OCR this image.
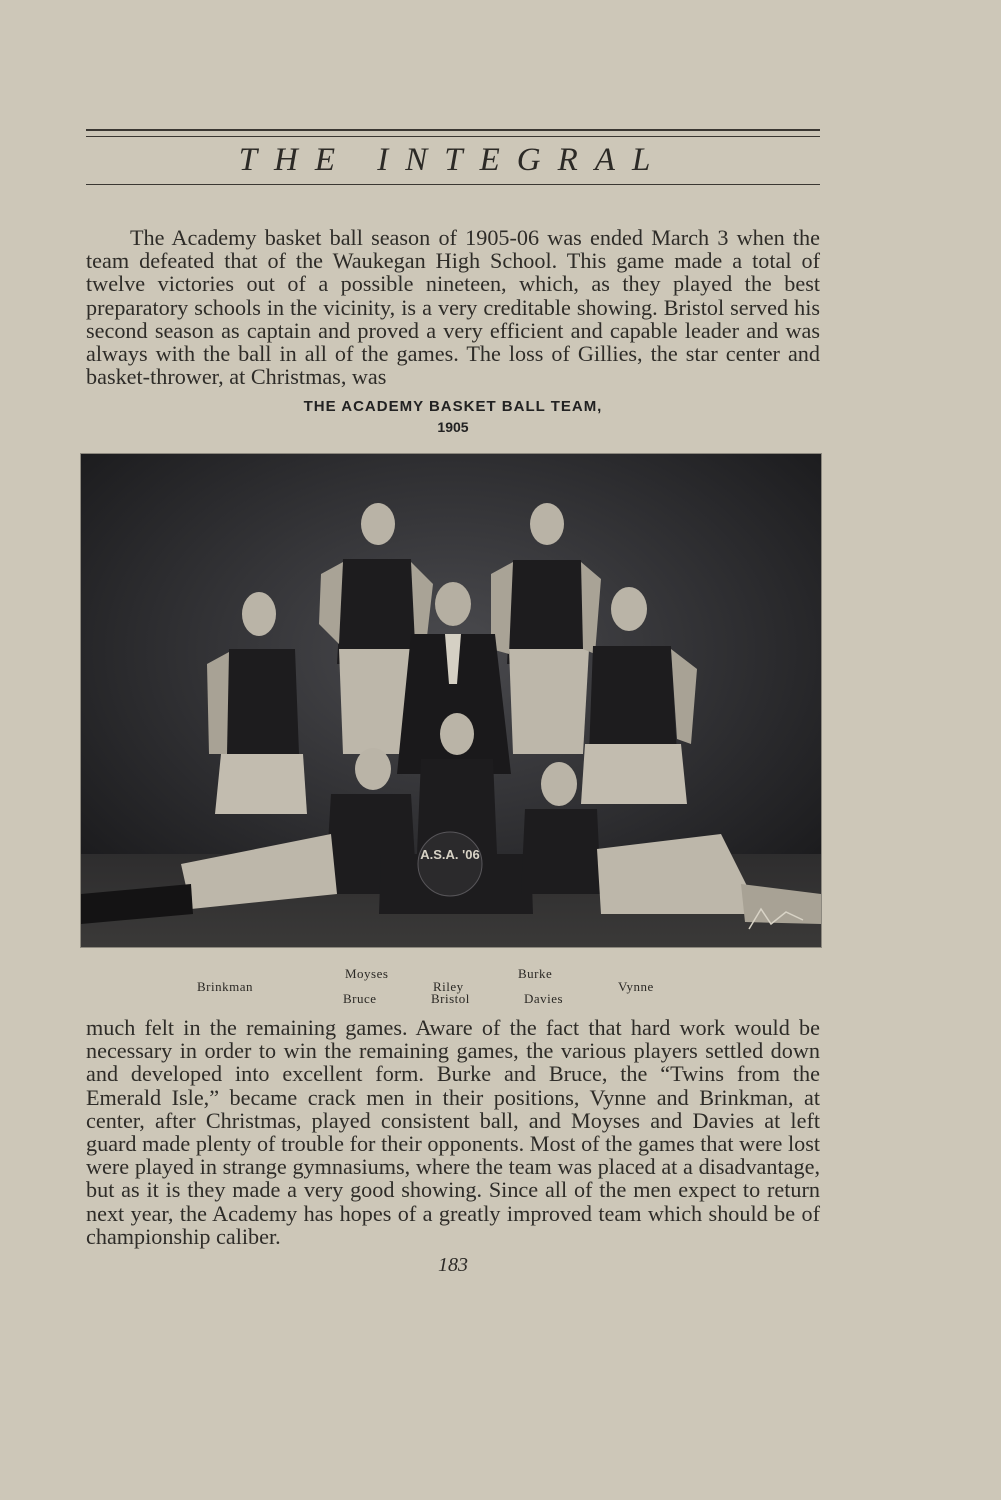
THE INTEGRAL

The Academy basket ball season of 1905-06 was ended March 3 when the team defeated that of the Waukegan High School. This game made a total of twelve victories out of a possible nineteen, which, as they played the best preparatory schools in the vicinity, is a very creditable showing. Bristol served his second season as captain and proved a very efficient and capable leader and was always with the ball in all of the games. The loss of Gillies, the star center and basket-thrower, at Christmas, was

THE ACADEMY BASKET BALL TEAM,
1905
A.S.A. '06
Brinkman
Moyses
Bruce
Riley
Bristol
Burke
Davies
Vynne

much felt in the remaining games. Aware of the fact that hard work would be necessary in order to win the remaining games, the various players settled down and developed into excellent form. Burke and Bruce, the “Twins from the Emerald Isle,” became crack men in their positions, Vynne and Brinkman, at center, after Christmas, played consistent ball, and Moyses and Davies at left guard made plenty of trouble for their opponents. Most of the games that were lost were played in strange gymnasiums, where the team was placed at a disadvantage, but as it is they made a very good showing. Since all of the men expect to return next year, the Academy has hopes of a greatly improved team which should be of championship caliber.

183
